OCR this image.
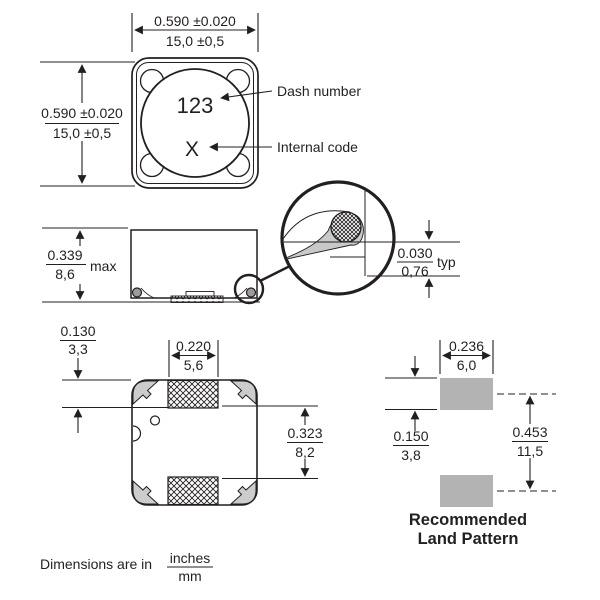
123
X
Dash number
Internal code
0.590 ±0.020
15,0 ±0,5
0.590 ±0.020
15,0 ±0,5
0.339
8,6 max
0.030
0,76
typ
0.130
3,3	0.220
5,6
0.323
8,2
Recommended
Land Pattern
0.236
6,0
0.150
3,8
0.453
11,5
Dimensions are in inches
mm
